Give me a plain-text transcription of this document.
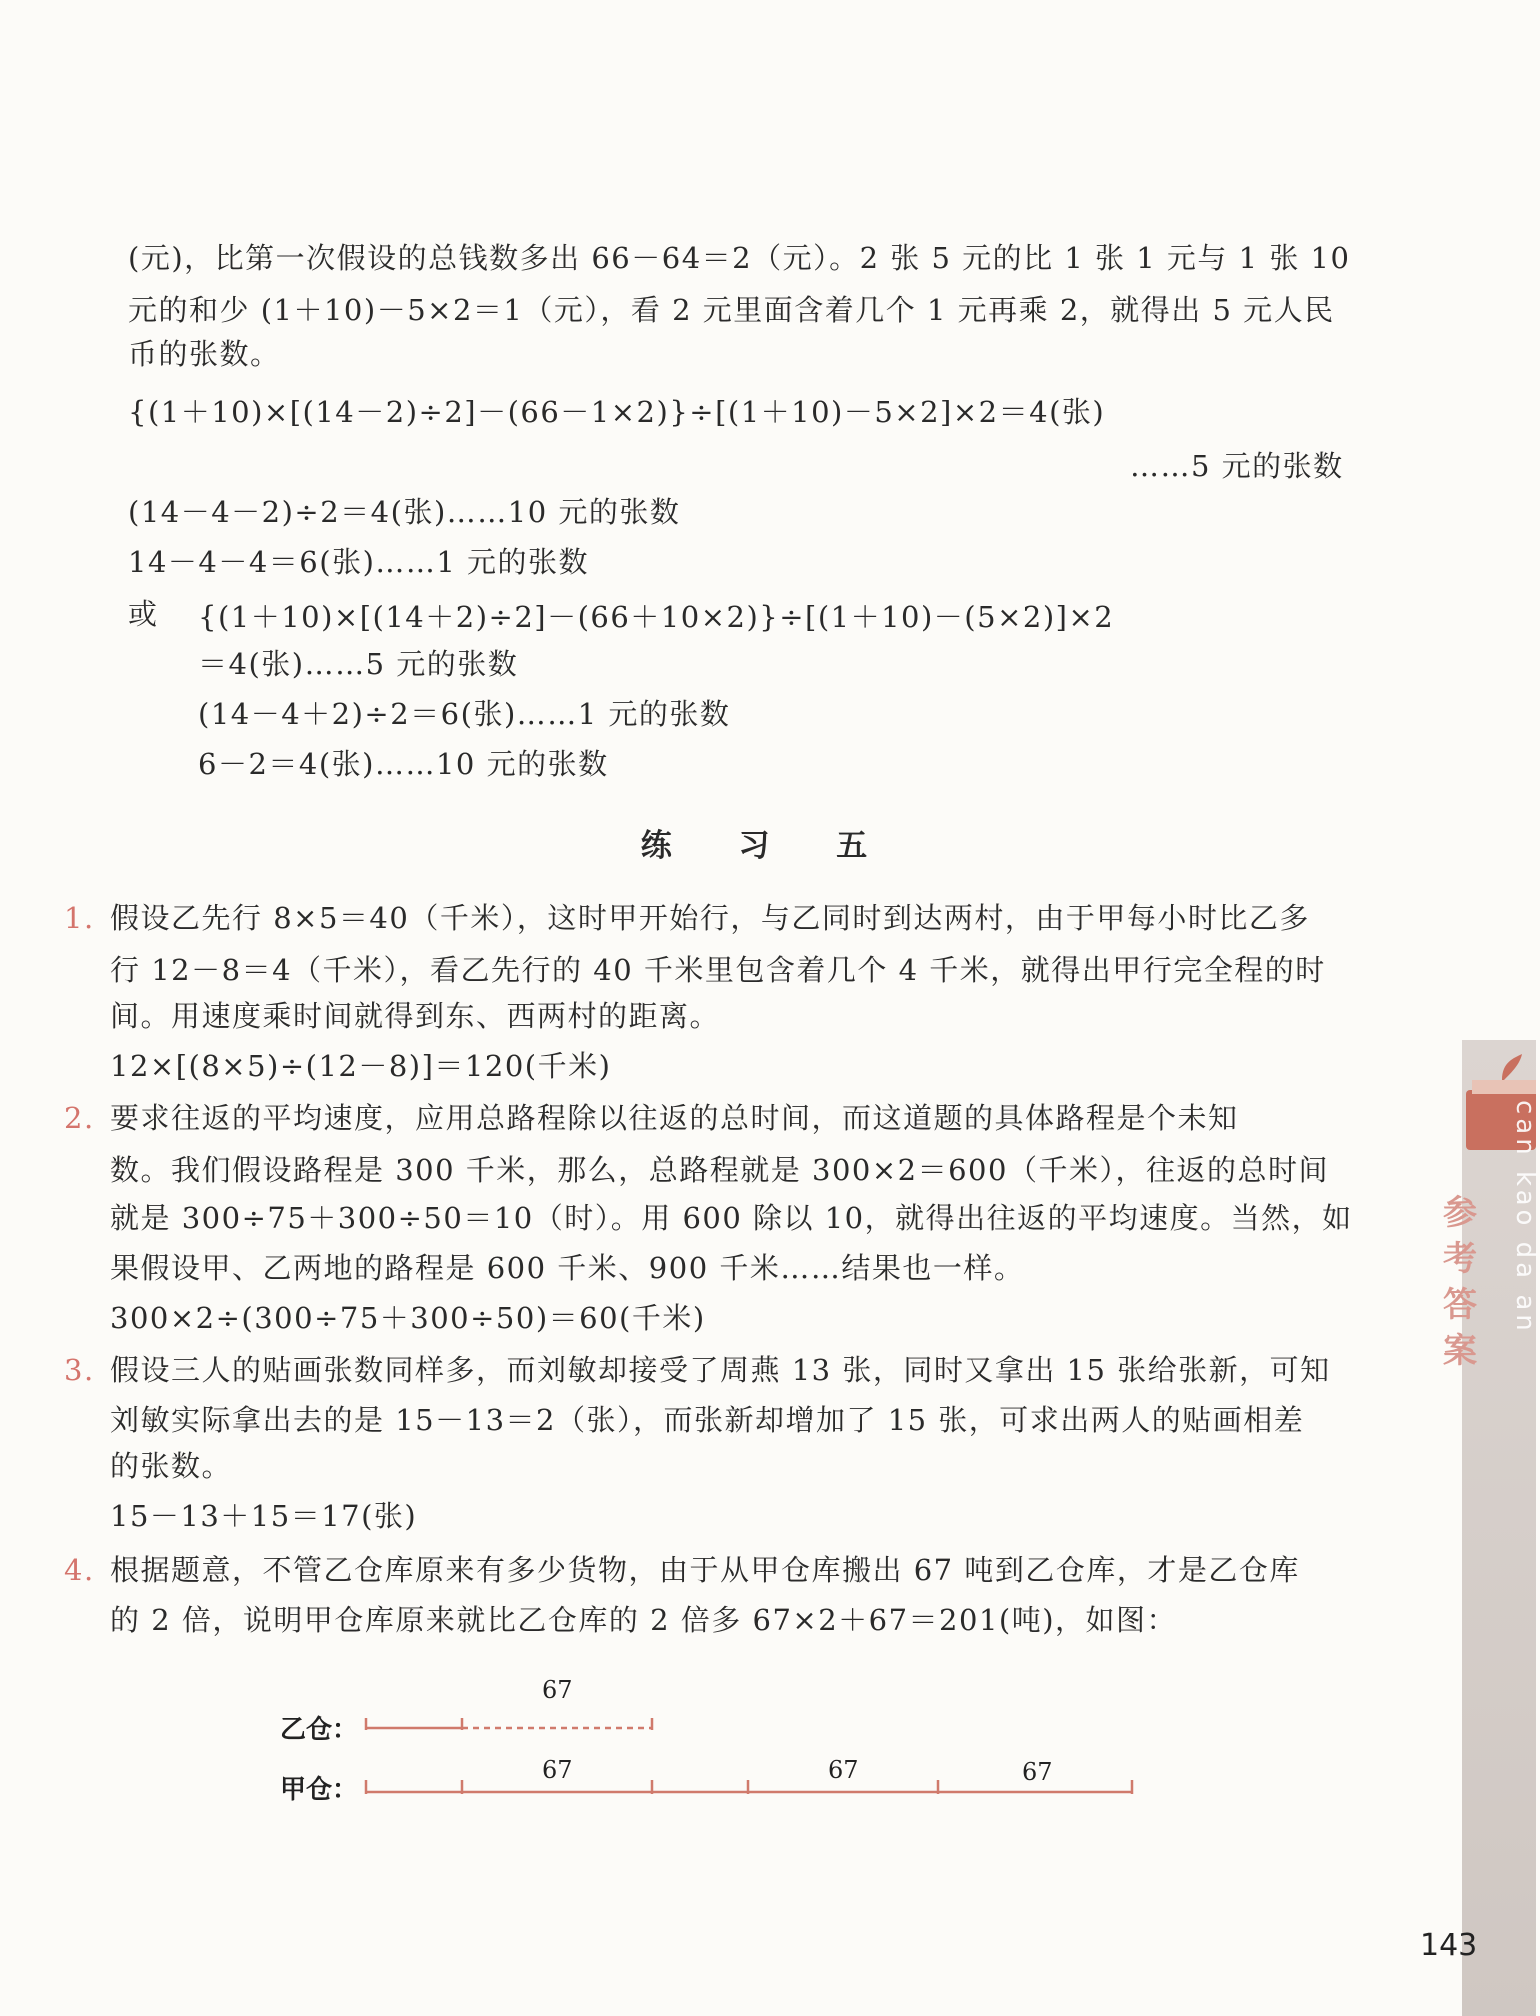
(元)，比第一次假设的总钱数多出 66－64＝2（元）。2 张 5 元的比 1 张 1 元与 1 张 10
元的和少 (1＋10)－5×2＝1（元），看 2 元里面含着几个 1 元再乘 2，就得出 5 元人民
币的张数。
{(1＋10)×[(14－2)÷2]－(66－1×2)}÷[(1＋10)－5×2]×2＝4(张)
……5 元的张数
(14－4－2)÷2＝4(张)……10 元的张数
14－4－4＝6(张)……1 元的张数
或 {(1＋10)×[(14＋2)÷2]－(66＋10×2)}÷[(1＋10)－(5×2)]×2
＝4(张)……5 元的张数
(14－4＋2)÷2＝6(张)……1 元的张数
6－2＝4(张)……10 元的张数
练 习 五
1. 假设乙先行 8×5＝40（千米），这时甲开始行，与乙同时到达两村，由于甲每小时比乙多
行 12－8＝4（千米），看乙先行的 40 千米里包含着几个 4 千米，就得出甲行完全程的时
间。用速度乘时间就得到东、西两村的距离。
12×[(8×5)÷(12－8)]＝120(千米)
2. 要求往返的平均速度，应用总路程除以往返的总时间，而这道题的具体路程是个未知
数。我们假设路程是 300 千米，那么，总路程就是 300×2＝600（千米），往返的总时间
就是 300÷75＋300÷50＝10（时）。用 600 除以 10，就得出往返的平均速度。当然，如
果假设甲、乙两地的路程是 600 千米、900 千米……结果也一样。
300×2÷(300÷75＋300÷50)＝60(千米)
3. 假设三人的贴画张数同样多，而刘敏却接受了周燕 13 张，同时又拿出 15 张给张新，可知
刘敏实际拿出去的是 15－13＝2（张），而张新却增加了 15 张，可求出两人的贴画相差
的张数。
15－13＋15＝17(张)
4. 根据题意，不管乙仓库原来有多少货物，由于从甲仓库搬出 67 吨到乙仓库，才是乙仓库
的 2 倍，说明甲仓库原来就比乙仓库的 2 倍多 67×2＋67＝201(吨)，如图：
乙仓：
甲仓：
67
67	67	67
参考答案
can kao da an
143
